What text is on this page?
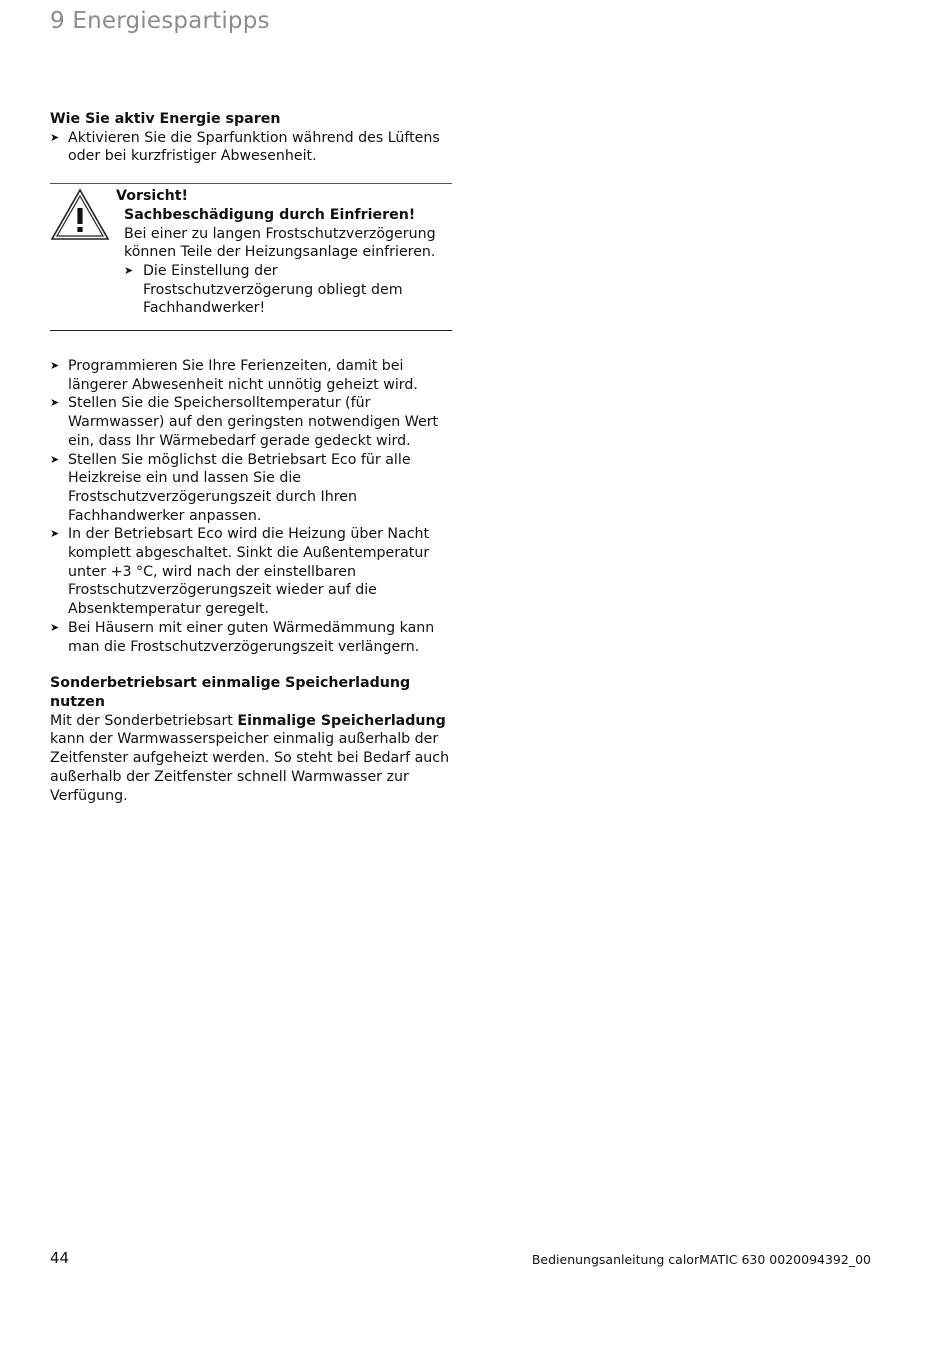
9 Energiespartipps
Wie Sie aktiv Energie sparen
➤ Aktivieren Sie die Sparfunktion während des Lüftens oder bei kurzfristiger Abwesenheit.
Vorsicht!
Sachbeschädigung durch Einfrieren!
Bei einer zu langen Frostschutzverzögerung können Teile der Heizungsanlage einfrieren.
➤ Die Einstellung der Frostschutzverzögerung obliegt dem Fachhandwerker!
➤ Programmieren Sie Ihre Ferienzeiten, damit bei längerer Abwesenheit nicht unnötig geheizt wird.
➤ Stellen Sie die Speichersolltemperatur (für Warmwasser) auf den geringsten notwendigen Wert ein, dass Ihr Wärmebedarf gerade gedeckt wird.
➤ Stellen Sie möglichst die Betriebsart Eco für alle Heizkreise ein und lassen Sie die Frostschutzverzögerungszeit durch Ihren Fachhandwerker anpassen.
➤ In der Betriebsart Eco wird die Heizung über Nacht komplett abgeschaltet. Sinkt die Außentemperatur unter +3 °C, wird nach der einstellbaren Frostschutzverzögerungszeit wieder auf die Absenktemperatur geregelt.
➤ Bei Häusern mit einer guten Wärmedämmung kann man die Frostschutzverzögerungszeit verlängern.
Sonderbetriebsart einmalige Speicherladung nutzen
Mit der Sonderbetriebsart Einmalige Speicherladung kann der Warmwasserspeicher einmalig außerhalb der Zeitfenster aufgeheizt werden. So steht bei Bedarf auch außerhalb der Zeitfenster schnell Warmwasser zur Verfügung.
44	Bedienungsanleitung calorMATIC 630 0020094392_00
